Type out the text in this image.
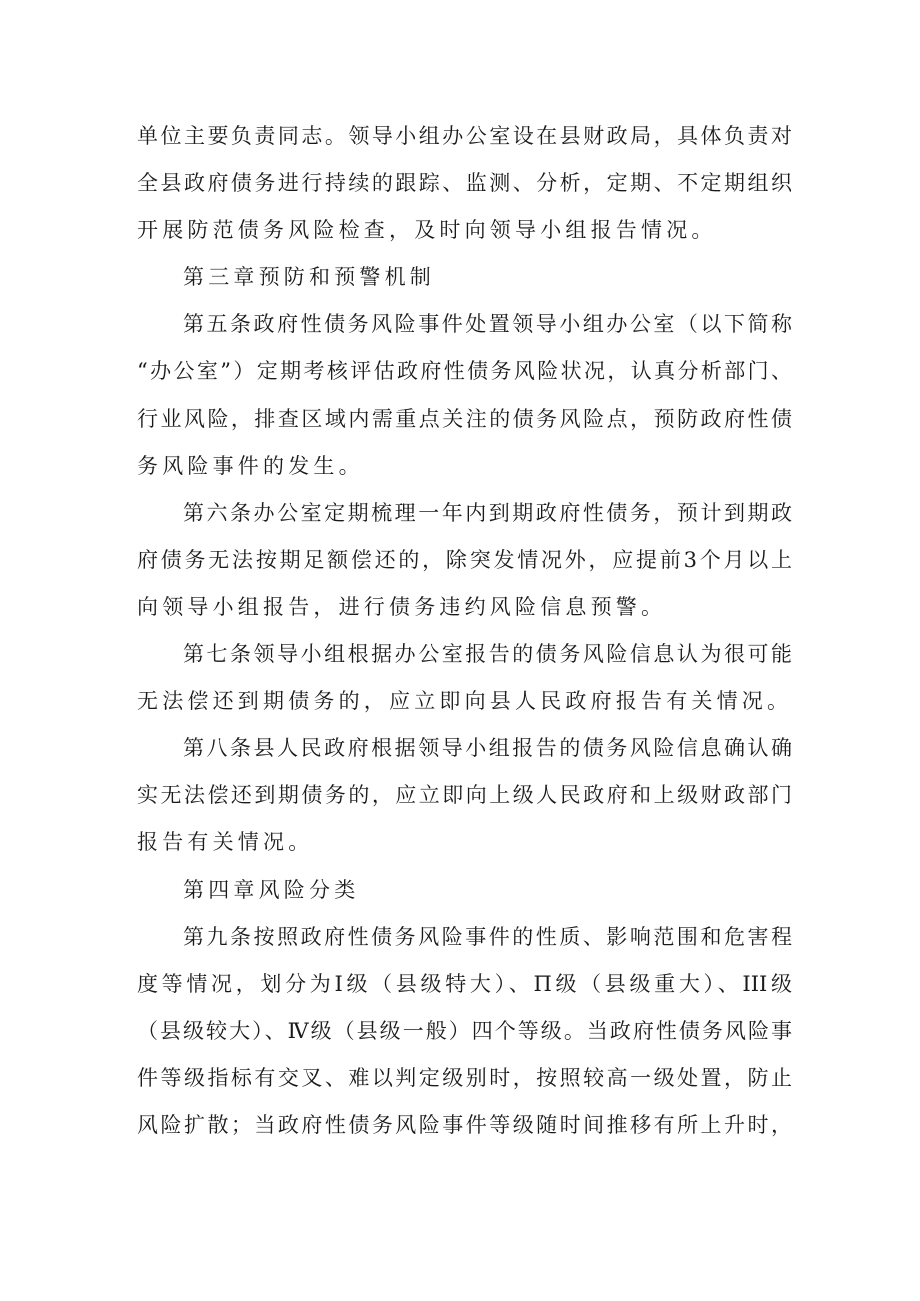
单位主要负责同志。领导小组办公室设在县财政局，具体负责对
全县政府债务进行持续的跟踪、监测、分析，定期、不定期组织
开展防范债务风险检查，及时向领导小组报告情况。
第三章预防和预警机制
第五条政府性债务风险事件处置领导小组办公室（以下简称
“办公室”）定期考核评估政府性债务风险状况，认真分析部门、
行业风险，排查区域内需重点关注的债务风险点，预防政府性债
务风险事件的发生。
第六条办公室定期梳理一年内到期政府性债务，预计到期政
府债务无法按期足额偿还的，除突发情况外，应提前3个月以上
向领导小组报告，进行债务违约风险信息预警。
第七条领导小组根据办公室报告的债务风险信息认为很可能
无法偿还到期债务的，应立即向县人民政府报告有关情况。
第八条县人民政府根据领导小组报告的债务风险信息确认确
实无法偿还到期债务的，应立即向上级人民政府和上级财政部门
报告有关情况。
第四章风险分类
第九条按照政府性债务风险事件的性质、影响范围和危害程
度等情况，划分为Ⅰ级（县级特大）、Π级（县级重大）、III级
（县级较大）、Ⅳ级（县级一般）四个等级。当政府性债务风险事
件等级指标有交叉、难以判定级别时，按照较高一级处置，防止
风险扩散；当政府性债务风险事件等级随时间推移有所上升时，
